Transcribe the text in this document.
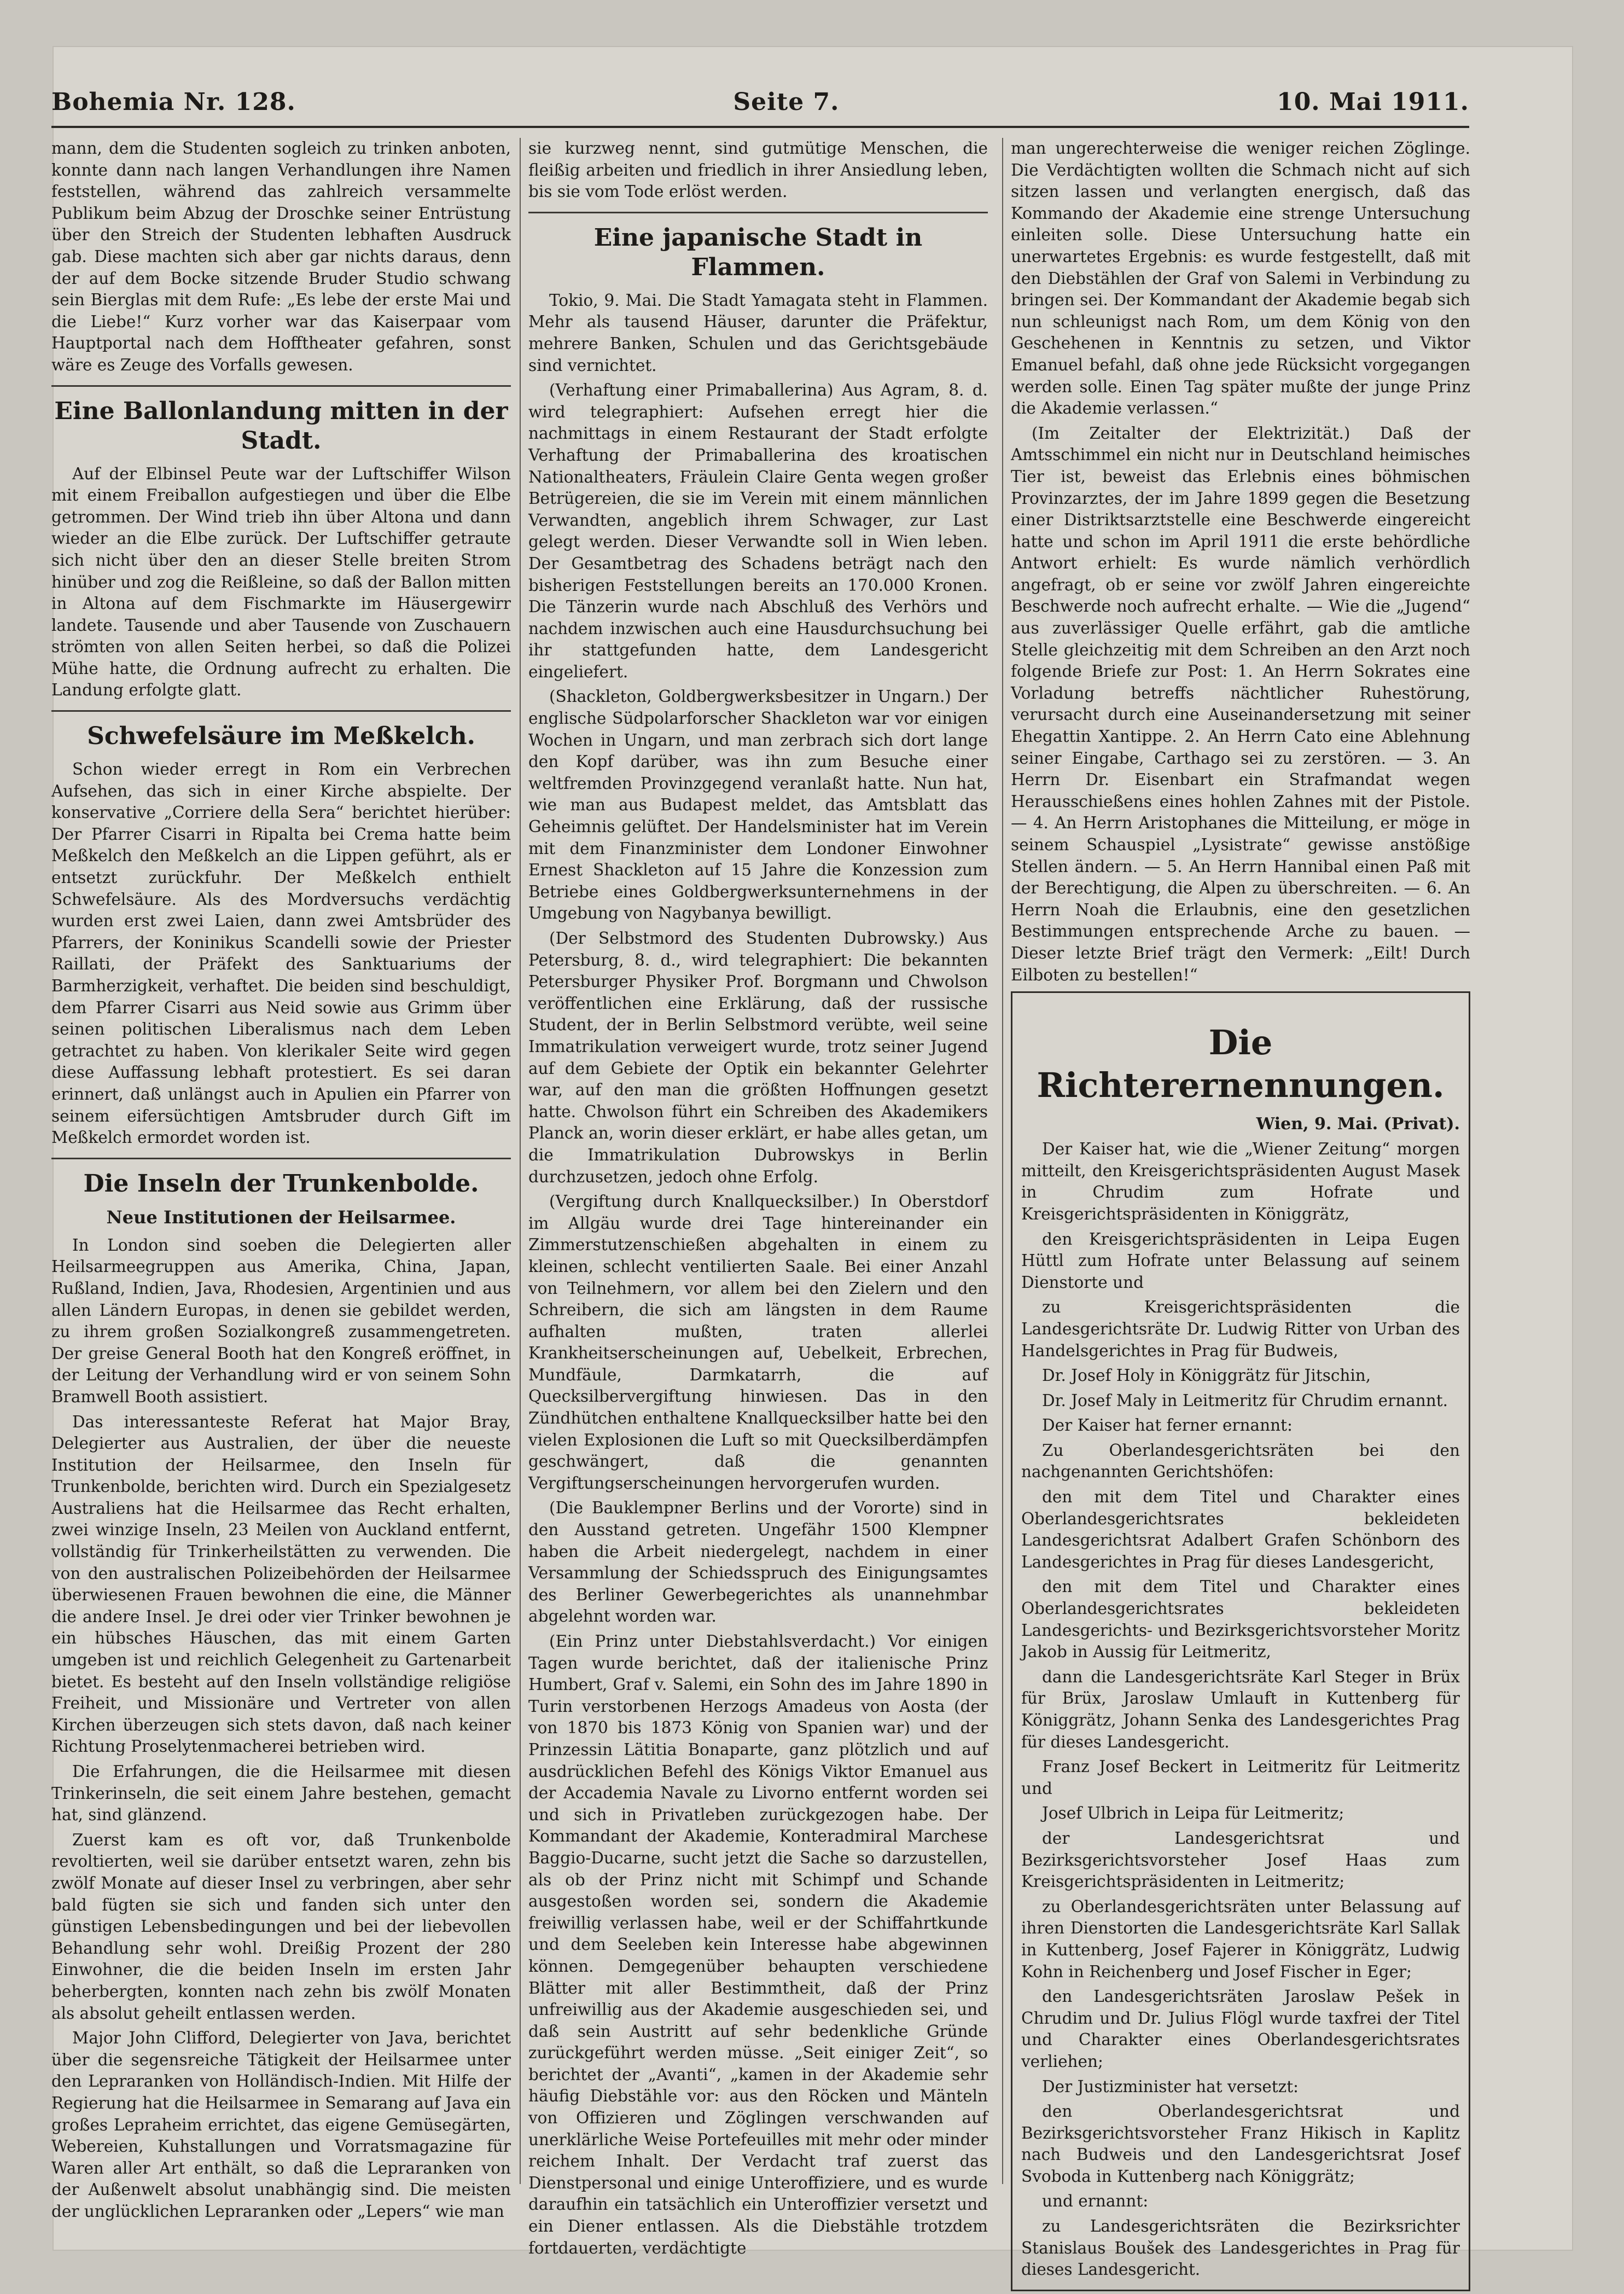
Bohemia Nr. 128.	Seite 7.	10. Mai 1911.

mann, dem die Studenten sogleich zu trinken anboten, konnte dann nach langen Verhandlungen ihre Namen feststellen, während das zahlreich versammelte Publikum beim Abzug der Droschke seiner Entrüstung über den Streich der Studenten lebhaften Ausdruck gab. Diese machten sich aber gar nichts daraus, denn der auf dem Bocke sitzende Bruder Studio schwang sein Bierglas mit dem Rufe: „Es lebe der erste Mai und die Liebe!“ Kurz vorher war das Kaiserpaar vom Hauptportal nach dem Hofftheater gefahren, sonst wäre es Zeuge des Vorfalls gewesen.

Eine Ballonlandung mitten in der Stadt.

Auf der Elbinsel Peute war der Luftschiffer Wilson mit einem Freiballon aufgestiegen und über die Elbe getrommen. Der Wind trieb ihn über Altona und dann wieder an die Elbe zurück. Der Luftschiffer getraute sich nicht über den an dieser Stelle breiten Strom hinüber und zog die Reißleine, so daß der Ballon mitten in Altona auf dem Fischmarkte im Häusergewirr landete. Tausende und aber Tausende von Zuschauern strömten von allen Seiten herbei, so daß die Polizei Mühe hatte, die Ordnung aufrecht zu erhalten. Die Landung erfolgte glatt.

Schwefelsäure im Meßkelch.

Schon wieder erregt in Rom ein Verbrechen Aufsehen, das sich in einer Kirche abspielte. Der konservative „Corriere della Sera“ berichtet hierüber: Der Pfarrer Cisarri in Ripalta bei Crema hatte beim Meßkelch den Meßkelch an die Lippen geführt, als er entsetzt zurückfuhr. Der Meßkelch enthielt Schwefelsäure. Als des Mordversuchs verdächtig wurden erst zwei Laien, dann zwei Amtsbrüder des Pfarrers, der Koninikus Scandelli sowie der Priester Raillati, der Präfekt des Sanktuariums der Barmherzigkeit, verhaftet. Die beiden sind beschuldigt, dem Pfarrer Cisarri aus Neid sowie aus Grimm über seinen politischen Liberalismus nach dem Leben getrachtet zu haben. Von klerikaler Seite wird gegen diese Auffassung lebhaft protestiert. Es sei daran erinnert, daß unlängst auch in Apulien ein Pfarrer von seinem eifersüchtigen Amtsbruder durch Gift im Meßkelch ermordet worden ist.

Die Inseln der Trunkenbolde.
Neue Institutionen der Heilsarmee.

In London sind soeben die Delegierten aller Heilsarmeegruppen aus Amerika, China, Japan, Rußland, Indien, Java, Rhodesien, Argentinien und aus allen Ländern Europas, in denen sie gebildet werden, zu ihrem großen Sozialkongreß zusammengetreten. Der greise General Booth hat den Kongreß eröffnet, in der Leitung der Verhandlung wird er von seinem Sohn Bramwell Booth assistiert.

Das interessanteste Referat hat Major Bray, Delegierter aus Australien, der über die neueste Institution der Heilsarmee, den Inseln für Trunkenbolde, berichten wird. Durch ein Spezialgesetz Australiens hat die Heilsarmee das Recht erhalten, zwei winzige Inseln, 23 Meilen von Auckland entfernt, vollständig für Trinkerheilstätten zu verwenden. Die von den australischen Polizeibehörden der Heilsarmee überwiesenen Frauen bewohnen die eine, die Männer die andere Insel. Je drei oder vier Trinker bewohnen je ein hübsches Häuschen, das mit einem Garten umgeben ist und reichlich Gelegenheit zu Gartenarbeit bietet. Es besteht auf den Inseln vollständige religiöse Freiheit, und Missionäre und Vertreter von allen Kirchen überzeugen sich stets davon, daß nach keiner Richtung Proselytenmacherei betrieben wird.

Die Erfahrungen, die die Heilsarmee mit diesen Trinkerinseln, die seit einem Jahre bestehen, gemacht hat, sind glänzend.

Zuerst kam es oft vor, daß Trunkenbolde revoltierten, weil sie darüber entsetzt waren, zehn bis zwölf Monate auf dieser Insel zu verbringen, aber sehr bald fügten sie sich und fanden sich unter den günstigen Lebensbedingungen und bei der liebevollen Behandlung sehr wohl. Dreißig Prozent der 280 Einwohner, die die beiden Inseln im ersten Jahr beherbergten, konnten nach zehn bis zwölf Monaten als absolut geheilt entlassen werden.

Major John Clifford, Delegierter von Java, berichtet über die segensreiche Tätigkeit der Heilsarmee unter den Lepraranken von Holländisch-Indien. Mit Hilfe der Regierung hat die Heilsarmee in Semarang auf Java ein großes Lepraheim errichtet, das eigene Gemüsegärten, Webereien, Kuhstallungen und Vorratsmagazine für Waren aller Art enthält, so daß die Lepraranken von der Außenwelt absolut unabhängig sind. Die meisten der unglücklichen Lepraranken oder „Lepers“ wie man

sie kurzweg nennt, sind gutmütige Menschen, die fleißig arbeiten und friedlich in ihrer Ansiedlung leben, bis sie vom Tode erlöst werden.

Eine japanische Stadt in Flammen.

Tokio, 9. Mai. Die Stadt Yamagata steht in Flammen. Mehr als tausend Häuser, darunter die Präfektur, mehrere Banken, Schulen und das Gerichtsgebäude sind vernichtet.

(Verhaftung einer Primaballerina) Aus Agram, 8. d. wird telegraphiert: Aufsehen erregt hier die nachmittags in einem Restaurant der Stadt erfolgte Verhaftung der Primaballerina des kroatischen Nationaltheaters, Fräulein Claire Genta wegen großer Betrügereien, die sie im Verein mit einem männlichen Verwandten, angeblich ihrem Schwager, zur Last gelegt werden. Dieser Verwandte soll in Wien leben. Der Gesamtbetrag des Schadens beträgt nach den bisherigen Feststellungen bereits an 170.000 Kronen. Die Tänzerin wurde nach Abschluß des Verhörs und nachdem inzwischen auch eine Hausdurchsuchung bei ihr stattgefunden hatte, dem Landesgericht eingeliefert.

(Shackleton, Goldbergwerksbesitzer in Ungarn.) Der englische Südpolarforscher Shackleton war vor einigen Wochen in Ungarn, und man zerbrach sich dort lange den Kopf darüber, was ihn zum Besuche einer weltfremden Provinzgegend veranlaßt hatte. Nun hat, wie man aus Budapest meldet, das Amtsblatt das Geheimnis gelüftet. Der Handelsminister hat im Verein mit dem Finanzminister dem Londoner Einwohner Ernest Shackleton auf 15 Jahre die Konzession zum Betriebe eines Goldbergwerksunternehmens in der Umgebung von Nagybanya bewilligt.

(Der Selbstmord des Studenten Dubrowsky.) Aus Petersburg, 8. d., wird telegraphiert: Die bekannten Petersburger Physiker Prof. Borgmann und Chwolson veröffentlichen eine Erklärung, daß der russische Student, der in Berlin Selbstmord verübte, weil seine Immatrikulation verweigert wurde, trotz seiner Jugend auf dem Gebiete der Optik ein bekannter Gelehrter war, auf den man die größten Hoffnungen gesetzt hatte. Chwolson führt ein Schreiben des Akademikers Planck an, worin dieser erklärt, er habe alles getan, um die Immatrikulation Dubrowskys in Berlin durchzusetzen, jedoch ohne Erfolg.

(Vergiftung durch Knallquecksilber.) In Oberstdorf im Allgäu wurde drei Tage hintereinander ein Zimmerstutzenschießen abgehalten in einem zu kleinen, schlecht ventilierten Saale. Bei einer Anzahl von Teilnehmern, vor allem bei den Zielern und den Schreibern, die sich am längsten in dem Raume aufhalten mußten, traten allerlei Krankheitserscheinungen auf, Uebelkeit, Erbrechen, Mundfäule, Darmkatarrh, die auf Quecksilbervergiftung hinwiesen. Das in den Zündhütchen enthaltene Knallquecksilber hatte bei den vielen Explosionen die Luft so mit Quecksilberdämpfen geschwängert, daß die genannten Vergiftungserscheinungen hervorgerufen wurden.

(Die Bauklempner Berlins und der Vororte) sind in den Ausstand getreten. Ungefähr 1500 Klempner haben die Arbeit niedergelegt, nachdem in einer Versammlung der Schiedsspruch des Einigungsamtes des Berliner Gewerbegerichtes als unannehmbar abgelehnt worden war.

(Ein Prinz unter Diebstahlsverdacht.) Vor einigen Tagen wurde berichtet, daß der italienische Prinz Humbert, Graf v. Salemi, ein Sohn des im Jahre 1890 in Turin verstorbenen Herzogs Amadeus von Aosta (der von 1870 bis 1873 König von Spanien war) und der Prinzessin Lätitia Bonaparte, ganz plötzlich und auf ausdrücklichen Befehl des Königs Viktor Emanuel aus der Accademia Navale zu Livorno entfernt worden sei und sich in Privatleben zurückgezogen habe. Der Kommandant der Akademie, Konteradmiral Marchese Baggio-Ducarne, sucht jetzt die Sache so darzustellen, als ob der Prinz nicht mit Schimpf und Schande ausgestoßen worden sei, sondern die Akademie freiwillig verlassen habe, weil er der Schiffahrtkunde und dem Seeleben kein Interesse habe abgewinnen können. Demgegenüber behaupten verschiedene Blätter mit aller Bestimmtheit, daß der Prinz unfreiwillig aus der Akademie ausgeschieden sei, und daß sein Austritt auf sehr bedenkliche Gründe zurückgeführt werden müsse. „Seit einiger Zeit“, so berichtet der „Avanti“, „kamen in der Akademie sehr häufig Diebstähle vor: aus den Röcken und Mänteln von Offizieren und Zöglingen verschwanden auf unerklärliche Weise Portefeuilles mit mehr oder minder reichem Inhalt. Der Verdacht traf zuerst das Dienstpersonal und einige Unteroffiziere, und es wurde daraufhin ein tatsächlich ein Unteroffizier versetzt und ein Diener entlassen. Als die Diebstähle trotzdem fortdauerten, verdächtigte

man ungerechterweise die weniger reichen Zöglinge. Die Verdächtigten wollten die Schmach nicht auf sich sitzen lassen und verlangten energisch, daß das Kommando der Akademie eine strenge Untersuchung einleiten solle. Diese Untersuchung hatte ein unerwartetes Ergebnis: es wurde festgestellt, daß mit den Diebstählen der Graf von Salemi in Verbindung zu bringen sei. Der Kommandant der Akademie begab sich nun schleunigst nach Rom, um dem König von den Geschehenen in Kenntnis zu setzen, und Viktor Emanuel befahl, daß ohne jede Rücksicht vorgegangen werden solle. Einen Tag später mußte der junge Prinz die Akademie verlassen.“

(Im Zeitalter der Elektrizität.) Daß der Amtsschimmel ein nicht nur in Deutschland heimisches Tier ist, beweist das Erlebnis eines böhmischen Provinzarztes, der im Jahre 1899 gegen die Besetzung einer Distriktsarztstelle eine Beschwerde eingereicht hatte und schon im April 1911 die erste behördliche Antwort erhielt: Es wurde nämlich verhördlich angefragt, ob er seine vor zwölf Jahren eingereichte Beschwerde noch aufrecht erhalte. — Wie die „Jugend“ aus zuverlässiger Quelle erfährt, gab die amtliche Stelle gleichzeitig mit dem Schreiben an den Arzt noch folgende Briefe zur Post: 1. An Herrn Sokrates eine Vorladung betreffs nächtlicher Ruhestörung, verursacht durch eine Auseinandersetzung mit seiner Ehegattin Xantippe. 2. An Herrn Cato eine Ablehnung seiner Eingabe, Carthago sei zu zerstören. — 3. An Herrn Dr. Eisenbart ein Strafmandat wegen Herausschießens eines hohlen Zahnes mit der Pistole. — 4. An Herrn Aristophanes die Mitteilung, er möge in seinem Schauspiel „Lysistrate“ gewisse anstößige Stellen ändern. — 5. An Herrn Hannibal einen Paß mit der Berechtigung, die Alpen zu überschreiten. — 6. An Herrn Noah die Erlaubnis, eine den gesetzlichen Bestimmungen entsprechende Arche zu bauen. — Dieser letzte Brief trägt den Vermerk: „Eilt! Durch Eilboten zu bestellen!“

Die Richterernennungen.
Wien, 9. Mai. (Privat).

Der Kaiser hat, wie die „Wiener Zeitung“ morgen mitteilt, den Kreisgerichtspräsidenten August Masek in Chrudim zum Hofrate und Kreisgerichtspräsidenten in Königgrätz,

den Kreisgerichtspräsidenten in Leipa Eugen Hüttl zum Hofrate unter Belassung auf seinem Dienstorte und

zu Kreisgerichtspräsidenten die Landesgerichtsräte Dr. Ludwig Ritter von Urban des Handelsgerichtes in Prag für Budweis,

Dr. Josef Holy in Königgrätz für Jitschin,

Dr. Josef Maly in Leitmeritz für Chrudim ernannt.

Der Kaiser hat ferner ernannt:

Zu Oberlandesgerichtsräten bei den nachgenannten Gerichtshöfen:

den mit dem Titel und Charakter eines Oberlandesgerichtsrates bekleideten Landesgerichtsrat Adalbert Grafen Schönborn des Landesgerichtes in Prag für dieses Landesgericht,

den mit dem Titel und Charakter eines Oberlandesgerichtsrates bekleideten Landesgerichts- und Bezirksgerichtsvorsteher Moritz Jakob in Aussig für Leitmeritz,

dann die Landesgerichtsräte Karl Steger in Brüx für Brüx, Jaroslaw Umlauft in Kuttenberg für Königgrätz, Johann Senka des Landesgerichtes Prag für dieses Landesgericht.

Franz Josef Beckert in Leitmeritz für Leitmeritz und

Josef Ulbrich in Leipa für Leitmeritz;

der Landesgerichtsrat und Bezirksgerichtsvorsteher Josef Haas zum Kreisgerichtspräsidenten in Leitmeritz;

zu Oberlandesgerichtsräten unter Belassung auf ihren Dienstorten die Landesgerichtsräte Karl Sallak in Kuttenberg, Josef Fajerer in Königgrätz, Ludwig Kohn in Reichenberg und Josef Fischer in Eger;

den Landesgerichtsräten Jaroslaw Pešek in Chrudim und Dr. Julius Flögl wurde taxfrei der Titel und Charakter eines Oberlandesgerichtsrates verliehen;

Der Justizminister hat versetzt:

den Oberlandesgerichtsrat und Bezirksgerichtsvorsteher Franz Hikisch in Kaplitz nach Budweis und den Landesgerichtsrat Josef Svoboda in Kuttenberg nach Königgrätz;

und ernannt:

zu Landesgerichtsräten die Bezirksrichter Stanislaus Boušek des Landesgerichtes in Prag für dieses Landesgericht.
